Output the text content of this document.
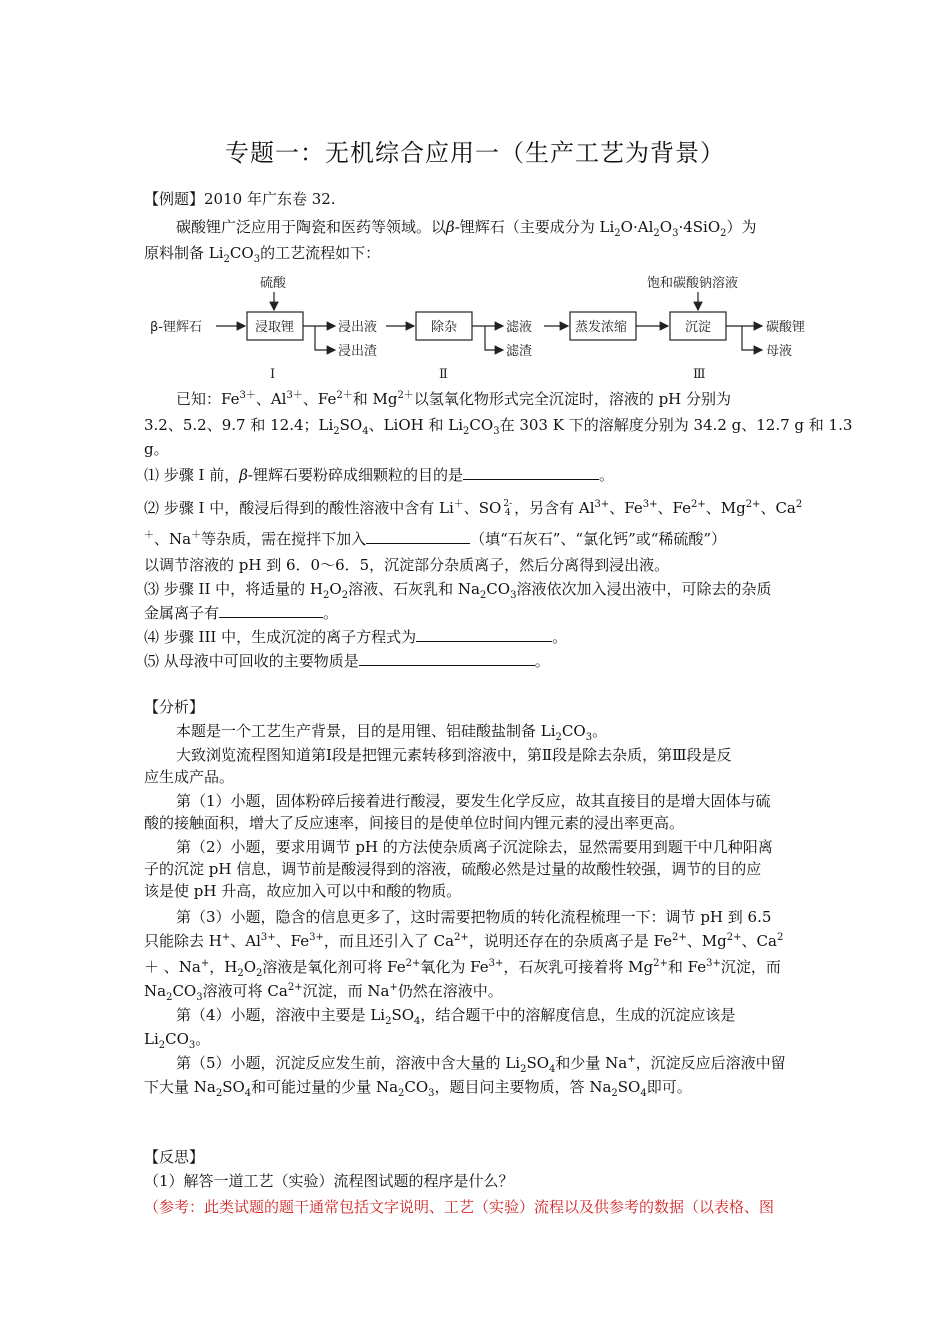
专题一：无机综合应用一（生产工艺为背景）
【例题】2010 年广东卷 32.
碳酸锂广泛应用于陶瓷和医药等领域。以β-锂辉石（主要成分为 $Li_2O\cdot Al_2O_3\cdot 4SiO_2$）为
原料制备 $Li_2CO_3$的工艺流程如下：
β-锂辉石
硫酸
浸取锂	浸出液
浸出渣
除杂	滤液
滤渣
蒸发浓缩
饱和碳酸钠溶液
沉淀	碳酸锂
母液
Ⅰ	Ⅱ	Ⅲ
已知：$Fe^{3+}$、$Al^{3+}$、$Fe^{2+}$和 $Mg^{2+}$以氢氧化物形式完全沉淀时，溶液的 pH 分别为
3.2、5.2、9.7 和 12.4；$Li_2SO_4$、LiOH 和 $Li_2CO_3$在 303 K 下的溶解度分别为 34.2 g、12.7 g 和 1.3
g。
⑴ 步骤 I 前，β-锂辉石要粉碎成细颗粒的目的是	。
⑵ 步骤 I 中，酸浸后得到的酸性溶液中含有 Li＋、SO 2-
4 ，另含有 $Al^{3+}$、$Fe^{3+}$、$Fe^{2+}$、$Mg^{2+}$、Ca$^2$
＋、Na＋等杂质，需在搅拌下加入	（填“石灰石”、“氯化钙”或“稀硫酸”）
以调节溶液的 pH 到 6．0～6．5，沉淀部分杂质离子，然后分离得到浸出液。
⑶ 步骤 II 中，将适量的 $H_2O_2$溶液、石灰乳和 $Na_2CO_3$溶液依次加入浸出液中，可除去的杂质
金属离子有	。
⑷ 步骤 III 中，生成沉淀的离子方程式为	。
⑸ 从母液中可回收的主要物质是	。
【分析】
本题是一个工艺生产背景，目的是用锂、铝硅酸盐制备 $Li_2CO_3$。
大致浏览流程图知道第Ⅰ段是把锂元素转移到溶液中，第Ⅱ段是除去杂质，第Ⅲ段是反
应生成产品。
第（1）小题，固体粉碎后接着进行酸浸，要发生化学反应，故其直接目的是增大固体与硫
酸的接触面积，增大了反应速率，间接目的是使单位时间内锂元素的浸出率更高。
第（2）小题，要求用调节 pH 的方法使杂质离子沉淀除去，显然需要用到题干中几种阳离
子的沉淀 pH 信息，调节前是酸浸得到的溶液，硫酸必然是过量的故酸性较强，调节的目的应
该是使 pH 升高，故应加入可以中和酸的物质。
第（3）小题，隐含的信息更多了，这时需要把物质的转化流程梳理一下：调节 pH 到 6.5
只能除去 H+、$Al^{3+}$、$Fe^{3+}$，而且还引入了 $Ca^{2+}$，说明还存在的杂质离子是 $Fe^{2+}$、$Mg^{2+}$、$Ca^2$
＋ 、Na+，$H_2O_2$溶液是氧化剂可将 $Fe^{2+}$氧化为 $Fe^{3+}$，石灰乳可接着将 $Mg^{2+}$和 $Fe^{3+}$沉淀，而
$Na_2CO_3$溶液可将 $Ca^{2+}$沉淀，而 Na+仍然在溶液中。
第（4）小题，溶液中主要是 $Li_2SO_4$，结合题干中的溶解度信息，生成的沉淀应该是
$Li_2CO_3$。
第（5）小题，沉淀反应发生前，溶液中含大量的 $Li_2SO_4$和少量 Na+，沉淀反应后溶液中留
下大量 $Na_2SO_4$和可能过量的少量 $Na_2CO_3$，题目问主要物质，答 $Na_2SO_4$即可。
【反思】
（1）解答一道工艺（实验）流程图试题的程序是什么？
（参考：此类试题的题干通常包括文字说明、工艺（实验）流程以及供参考的数据（以表格、图
